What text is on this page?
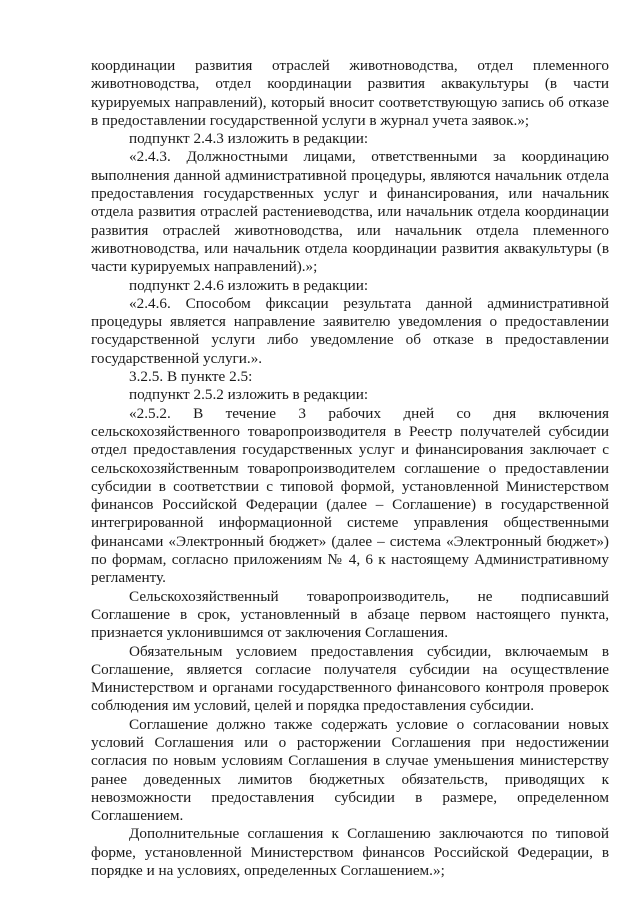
координации развития отраслей животноводства, отдел племенного животноводства, отдел координации развития аквакультуры (в части курируемых направлений), который вносит соответствующую запись об отказе в предоставлении государственной услуги в журнал учета заявок.»;

подпункт 2.4.3 изложить в редакции:

«2.4.3. Должностными лицами, ответственными за координацию выполнения данной административной процедуры, являются начальник отдела предоставления государственных услуг и финансирования, или начальник отдела развития отраслей растениеводства, или начальник отдела координации развития отраслей животноводства, или начальник отдела племенного животноводства, или начальник отдела координации развития аквакультуры (в части курируемых направлений).»;

подпункт 2.4.6 изложить в редакции:

«2.4.6. Способом фиксации результата данной административной процедуры является направление заявителю уведомления о предоставлении государственной услуги либо уведомление об отказе в предоставлении государственной услуги.».

3.2.5. В пункте 2.5:

подпункт 2.5.2 изложить в редакции:

«2.5.2. В течение 3 рабочих дней со дня включения сельскохозяйственного товаропроизводителя в Реестр получателей субсидии отдел предоставления государственных услуг и финансирования заключает с сельскохозяйственным товаропроизводителем соглашение о предоставлении субсидии в соответствии с типовой формой, установленной Министерством финансов Российской Федерации (далее – Соглашение) в государственной интегрированной информационной системе управления общественными финансами «Электронный бюджет» (далее – система «Электронный бюджет») по формам, согласно приложениям № 4, 6 к настоящему Административному регламенту.

Сельскохозяйственный товаропроизводитель, не подписавший Соглашение в срок, установленный в абзаце первом настоящего пункта, признается уклонившимся от заключения Соглашения.

Обязательным условием предоставления субсидии, включаемым в Соглашение, является согласие получателя субсидии на осуществление Министерством и органами государственного финансового контроля проверок соблюдения им условий, целей и порядка предоставления субсидии.

Соглашение должно также содержать условие о согласовании новых условий Соглашения или о расторжении Соглашения при недостижении согласия по новым условиям Соглашения в случае уменьшения министерству ранее доведенных лимитов бюджетных обязательств, приводящих к невозможности предоставления субсидии в размере, определенном Соглашением.

Дополнительные соглашения к Соглашению заключаются по типовой форме, установленной Министерством финансов Российской Федерации, в порядке и на условиях, определенных Соглашением.»;
